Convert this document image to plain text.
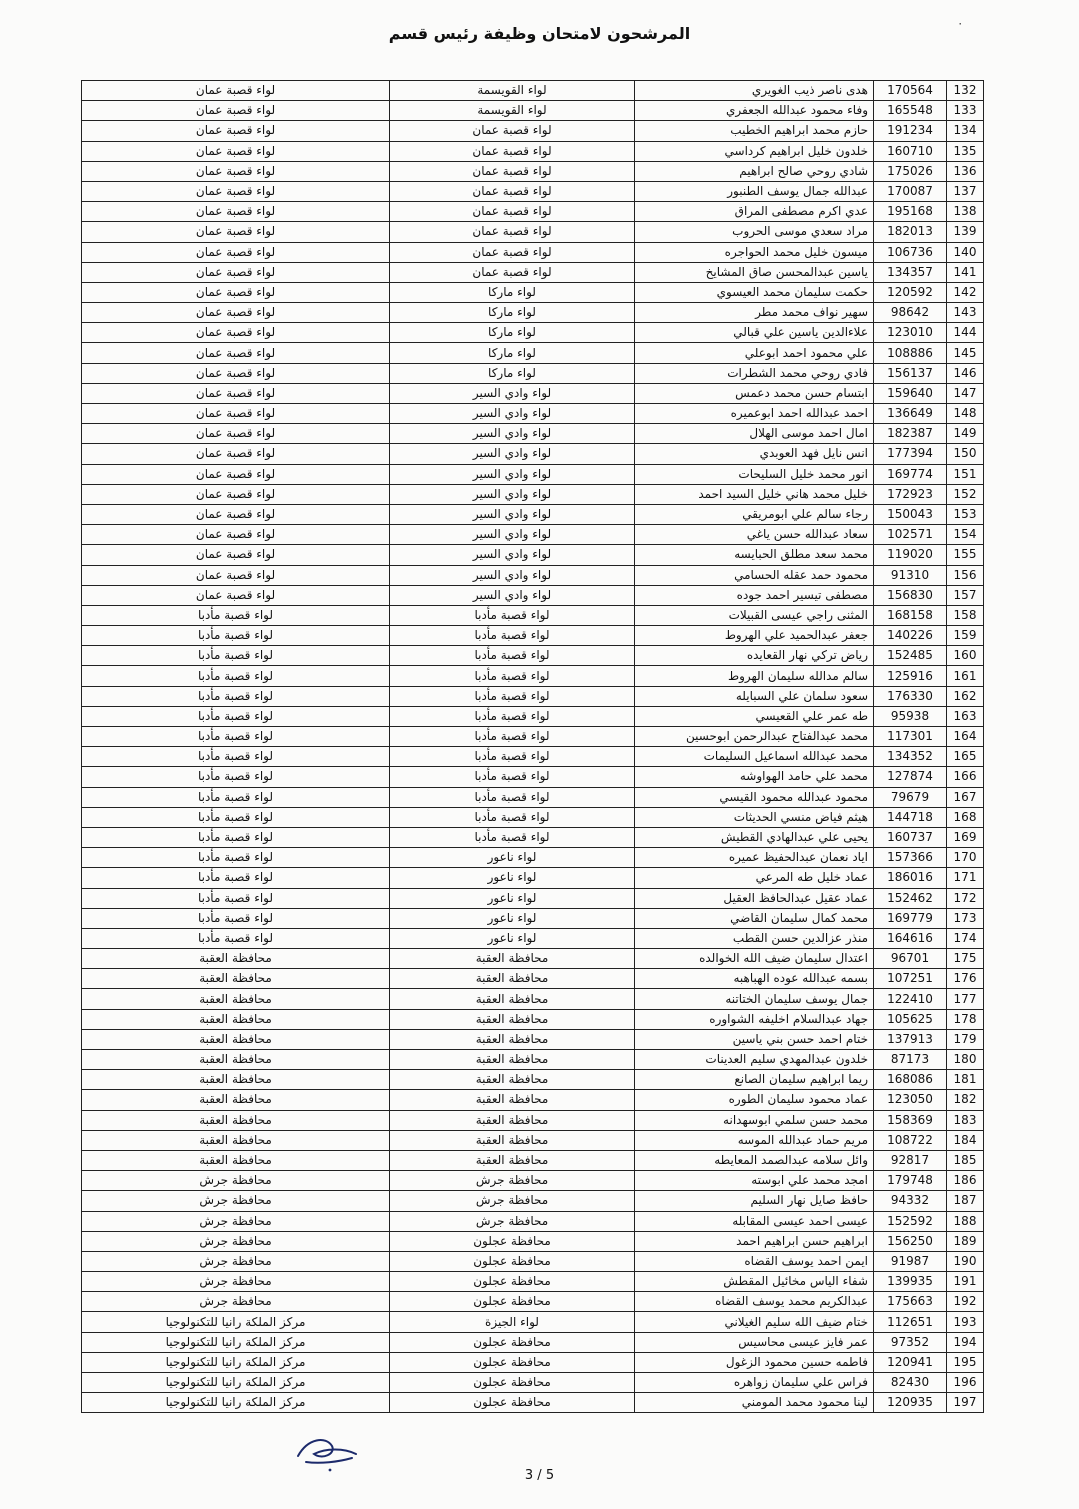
٠
المرشحون لامتحان وظيفة رئيس قسم
132	170564	هدى ناصر ذيب الغويري	لواء القويسمة	لواء قصبة عمان
133	165548	وفاء محمود عبدالله الجعفري	لواء القويسمة	لواء قصبة عمان
134	191234	حازم محمد ابراهيم الخطيب	لواء قصبة عمان	لواء قصبة عمان
135	160710	خلدون خليل ابراهيم كرداسي	لواء قصبة عمان	لواء قصبة عمان
136	175026	شادي روحي صالح ابراهيم	لواء قصبة عمان	لواء قصبة عمان
137	170087	عبدالله جمال يوسف الطنبور	لواء قصبة عمان	لواء قصبة عمان
138	195168	عدي اكرم مصطفى المراق	لواء قصبة عمان	لواء قصبة عمان
139	182013	مراد سعدي موسى الحروب	لواء قصبة عمان	لواء قصبة عمان
140	106736	ميسون خليل محمد الحواجره	لواء قصبة عمان	لواء قصبة عمان
141	134357	ياسين عبدالمحسن صاق المشايخ	لواء قصبة عمان	لواء قصبة عمان
142	120592	حكمت سليمان محمد العيسوي	لواء ماركا	لواء قصبة عمان
143	98642	سهير نواف محمد مطر	لواء ماركا	لواء قصبة عمان
144	123010	علاءالدين ياسين علي قبالي	لواء ماركا	لواء قصبة عمان
145	108886	علي محمود احمد ابوعلي	لواء ماركا	لواء قصبة عمان
146	156137	فادي روحي محمد الشطرات	لواء ماركا	لواء قصبة عمان
147	159640	ابتسام حسن محمد دعمس	لواء وادي السير	لواء قصبة عمان
148	136649	احمد عبدالله احمد ابوعميره	لواء وادي السير	لواء قصبة عمان
149	182387	امال احمد موسى الهلال	لواء وادي السير	لواء قصبة عمان
150	177394	انس نايل فهد العوبدي	لواء وادي السير	لواء قصبة عمان
151	169774	انور محمد خليل السليحات	لواء وادي السير	لواء قصبة عمان
152	172923	خليل محمد هاني خليل السيد احمد	لواء وادي السير	لواء قصبة عمان
153	150043	رجاء سالم علي ابومريقي	لواء وادي السير	لواء قصبة عمان
154	102571	سعاد عبدالله حسن ياغي	لواء وادي السير	لواء قصبة عمان
155	119020	محمد سعد مطلق الحبايسه	لواء وادي السير	لواء قصبة عمان
156	91310	محمود حمد عقله الحسامي	لواء وادي السير	لواء قصبة عمان
157	156830	مصطفى تيسير احمد جوده	لواء وادي السير	لواء قصبة عمان
158	168158	المثنى راجي عيسى القبيلات	لواء قصبة مأدبا	لواء قصبة مأدبا
159	140226	جعفر عبدالحميد علي الهروط	لواء قصبة مأدبا	لواء قصبة مأدبا
160	152485	رياض تركي نهار القعايده	لواء قصبة مأدبا	لواء قصبة مأدبا
161	125916	سالم مدالله سليمان الهروط	لواء قصبة مأدبا	لواء قصبة مأدبا
162	176330	سعود سلمان علي السبايله	لواء قصبة مأدبا	لواء قصبة مأدبا
163	95938	طه عمر علي القعيسي	لواء قصبة مأدبا	لواء قصبة مأدبا
164	117301	محمد عبدالفتاح عبدالرحمن ابوحسين	لواء قصبة مأدبا	لواء قصبة مأدبا
165	134352	محمد عبدالله اسماعيل السليمات	لواء قصبة مأدبا	لواء قصبة مأدبا
166	127874	محمد علي حامد الهواوشه	لواء قصبة مأدبا	لواء قصبة مأدبا
167	79679	محمود عبدالله محمود القيسي	لواء قصبة مأدبا	لواء قصبة مأدبا
168	144718	هيثم فياض منسي الحديثات	لواء قصبة مأدبا	لواء قصبة مأدبا
169	160737	يحيى علي عبدالهادي القطيش	لواء قصبة مأدبا	لواء قصبة مأدبا
170	157366	اياد نعمان عبدالحفيظ عميره	لواء ناعور	لواء قصبة مأدبا
171	186016	عماد خليل طه المرعي	لواء ناعور	لواء قصبة مأدبا
172	152462	عماد عقيل عبدالحافظ العقيل	لواء ناعور	لواء قصبة مأدبا
173	169779	محمد كمال سليمان القاضي	لواء ناعور	لواء قصبة مأدبا
174	164616	منذر عزالدين حسن القطب	لواء ناعور	لواء قصبة مأدبا
175	96701	اعتدال سليمان ضيف الله الخوالده	محافظة العقبة	محافظة العقبة
176	107251	بسمه عبدالله عوده الهباهبه	محافظة العقبة	محافظة العقبة
177	122410	جمال يوسف سليمان الختاتنه	محافظة العقبة	محافظة العقبة
178	105625	جهاد عبدالسلام اخليفه الشواوره	محافظة العقبة	محافظة العقبة
179	137913	ختام احمد حسن بني ياسين	محافظة العقبة	محافظة العقبة
180	87173	خلدون عبدالمهدي سليم العدينات	محافظة العقبة	محافظة العقبة
181	168086	ريما ابراهيم سليمان الصانع	محافظة العقبة	محافظة العقبة
182	123050	عماد محمود سليمان الطوره	محافظة العقبة	محافظة العقبة
183	158369	محمد حسن سلمي ابوسهدانه	محافظة العقبة	محافظة العقبة
184	108722	مريم حماد عبدالله الموسه	محافظة العقبة	محافظة العقبة
185	92817	وائل سلامه عبدالصمد المعايطه	محافظة العقبة	محافظة العقبة
186	179748	امجد محمد علي ابوسته	محافظة جرش	محافظة جرش
187	94332	حافظ صايل نهار السليم	محافظة جرش	محافظة جرش
188	152592	عيسى احمد عيسى المقابله	محافظة جرش	محافظة جرش
189	156250	ابراهيم حسن ابراهيم احمد	محافظة عجلون	محافظة جرش
190	91987	ايمن احمد يوسف القضاه	محافظة عجلون	محافظة جرش
191	139935	شفاء الياس مخائيل المقطش	محافظة عجلون	محافظة جرش
192	175663	عبدالكريم محمد يوسف القضاه	محافظة عجلون	محافظة جرش
193	112651	ختام ضيف الله سليم الغيلاني	لواء الجيزة	مركز الملكة رانيا للتكنولوجيا
194	97352	عمر فايز عيسى محاسيس	محافظة عجلون	مركز الملكة رانيا للتكنولوجيا
195	120941	فاطمه حسين محمود الزغول	محافظة عجلون	مركز الملكة رانيا للتكنولوجيا
196	82430	فراس علي سليمان زواهره	محافظة عجلون	مركز الملكة رانيا للتكنولوجيا
197	120935	لينا محمود محمد المومني	محافظة عجلون	مركز الملكة رانيا للتكنولوجيا
3 / 5
